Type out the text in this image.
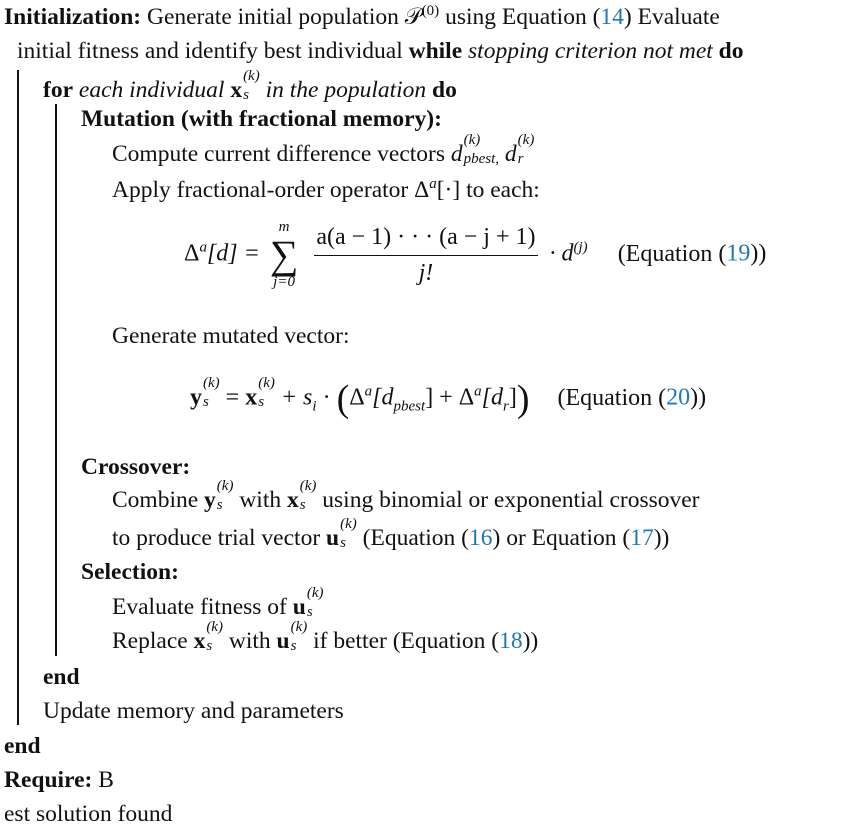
Initialization: Generate initial population 𝒫$^{(0)}$ using Equation (14) Evaluate
initial fitness and identify best individual while stopping criterion not met do
for each individual x
(k)
s in the population do
Mutation (with fractional memory):
Compute current difference vectors d
(k)
pbest, d
(k)
r
Apply fractional-order operator $\Delta^a[\cdot]$ to each:
$\Delta^a[d]$ =
m
∑
j=0
$\frac{a(a - 1) \cdot \cdot \cdot (a - j + 1)}{j!} \cdot d^{(j)}$ (Equation (19))
Generate mutated vector:
y
(k)
s = x
(k)
$s + s_i \cdot (\Delta^a[d_{pbest}] + \Delta^a[d_r])$ (Equation (20))
Crossover:
Combine y
(k)
s with x
(k)
s using binomial or exponential crossover
to produce trial vector u
(k)
s (Equation (16) or Equation (17))
Selection:
Evaluate fitness of u
(k)
s
Replace x
(k)
s with u
(k)
s if better (Equation (18))
end
Update memory and parameters
end
Require: B
est solution found
